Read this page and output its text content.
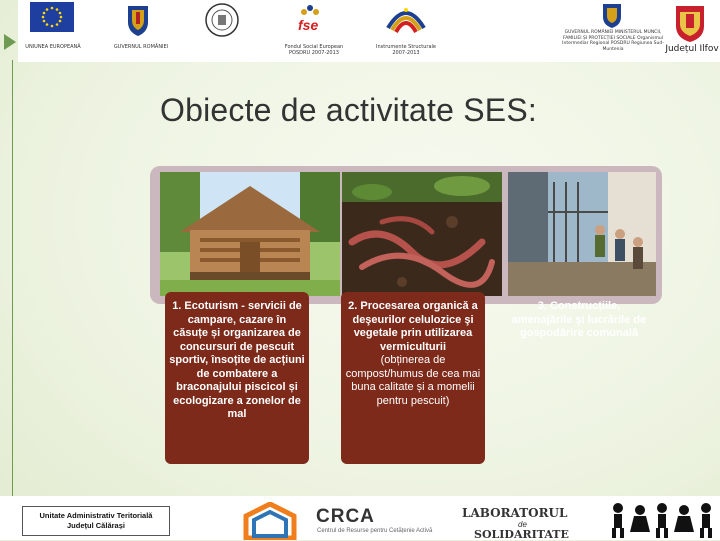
UNIUNEA EUROPEANĂ	GUVERNUL ROMÂNIEI
fse
Fondul Social European POSDRU 2007-2013
Instrumente Structurale 2007-2013
GUVERNUL ROMÂNIEI MINISTERUL MUNCII, FAMILIEI ȘI PROTECȚIEI SOCIALE Organismul Intermediar Regional POSDRU Regiunea Sud-Muntenia	Județul Ilfov
Obiecte de activitate SES:
1. Ecoturism - servicii de campare, cazare în căsuțe și organizarea de concursuri de pescuit sportiv, însoțite de acțiuni de combatere a braconajului piscicol și ecologizare a zonelor de mal
2. Procesarea organică a deşeurilor celulozice şi vegetale prin utilizarea vermiculturii
(obținerea de compost/humus de cea mai buna calitate și a momelii pentru pescuit)
3. Construcțiile, amenajările şi lucrările de gospodărire comunală
Unitate Administrativ Teritorială
Județul Călărași	CRCA
Centrul de Resurse pentru Cetățenie Activă
LABORATORUL
de
SOLIDARITATE
